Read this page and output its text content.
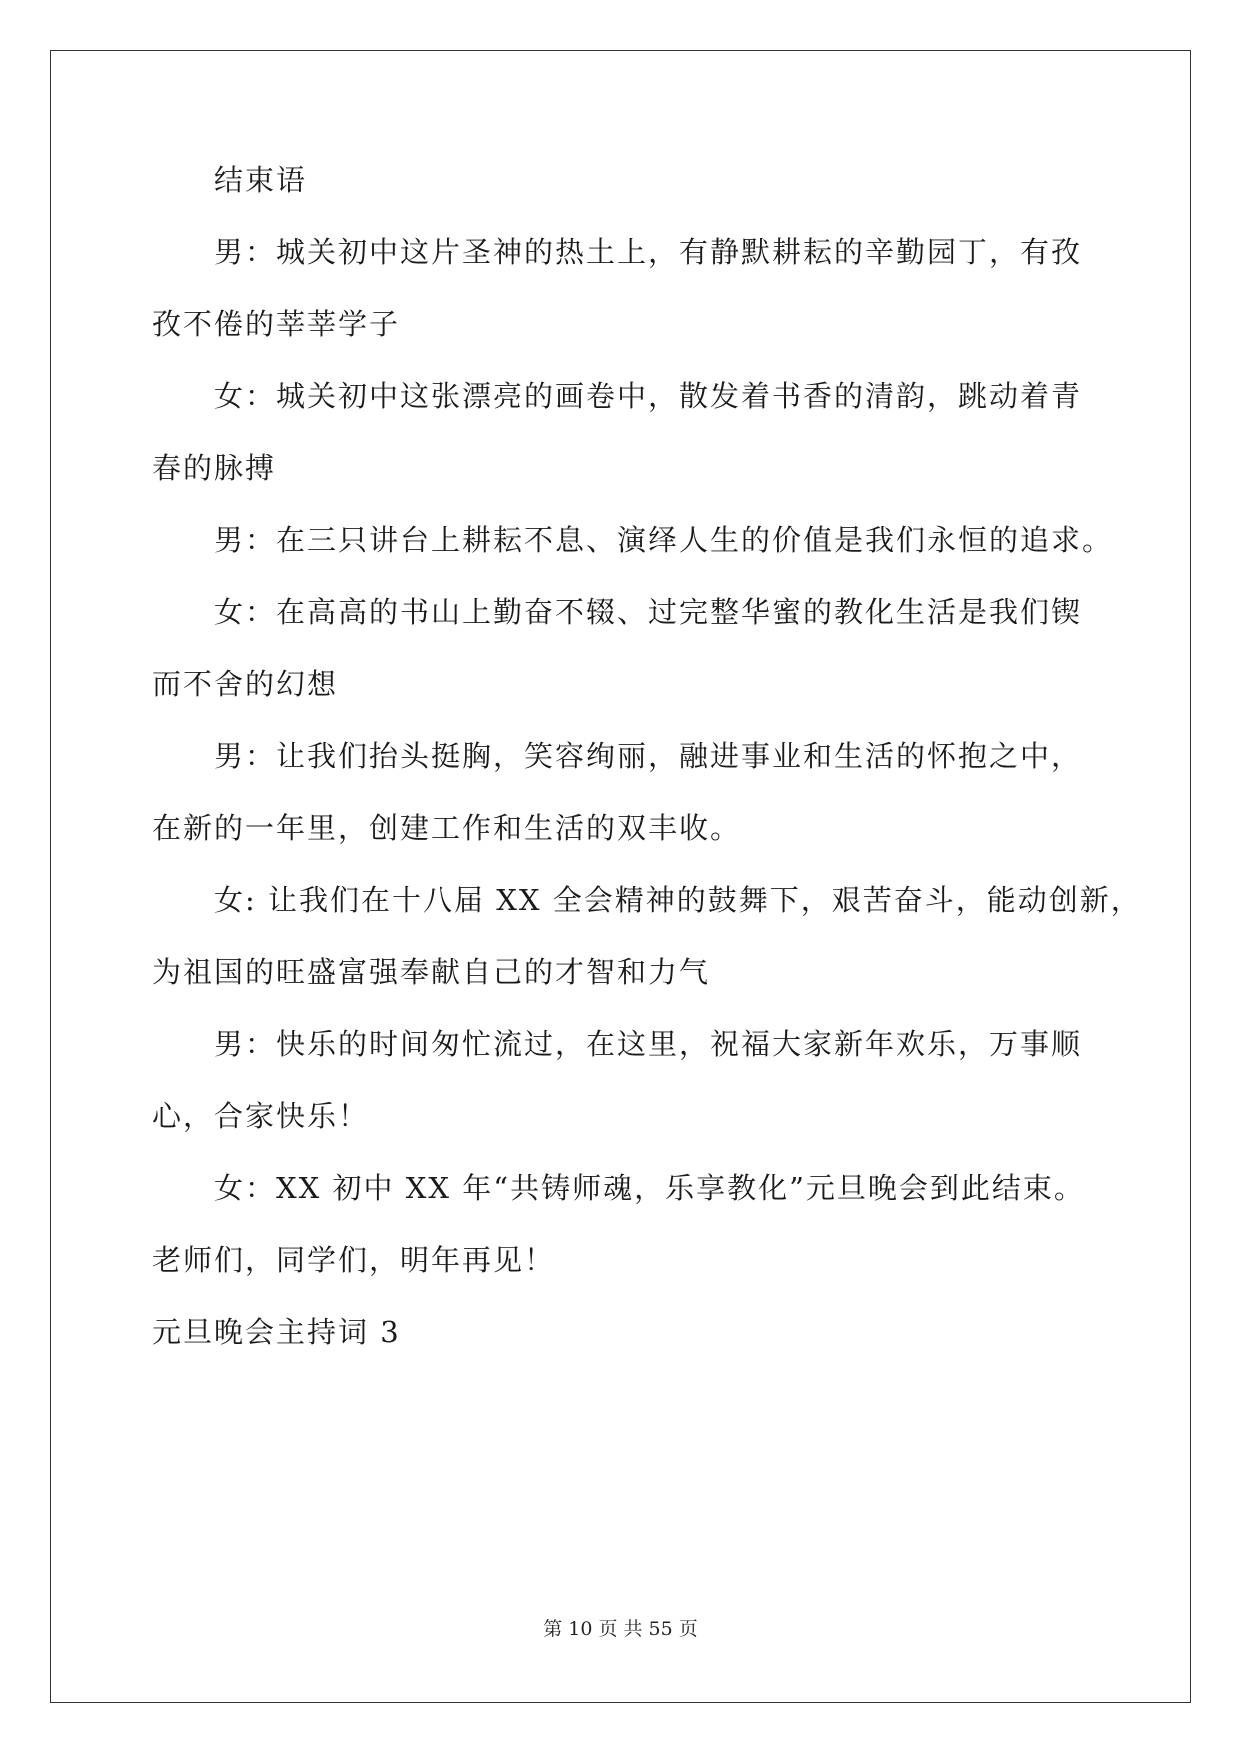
结束语

男：城关初中这片圣神的热土上，有静默耕耘的辛勤园丁，有孜

孜不倦的莘莘学子

女：城关初中这张漂亮的画卷中，散发着书香的清韵，跳动着青

春的脉搏

男：在三只讲台上耕耘不息、演绎人生的价值是我们永恒的追求。

女：在高高的书山上勤奋不辍、过完整华蜜的教化生活是我们锲

而不舍的幻想

男：让我们抬头挺胸，笑容绚丽，融进事业和生活的怀抱之中，

在新的一年里，创建工作和生活的双丰收。

女: 让我们在十八届 XX 全会精神的鼓舞下，艰苦奋斗，能动创新，

为祖国的旺盛富强奉献自己的才智和力气

男：快乐的时间匆忙流过，在这里，祝福大家新年欢乐，万事顺

心，合家快乐！

女：XX 初中 XX 年“共铸师魂，乐享教化”元旦晚会到此结束。

老师们，同学们，明年再见！

元旦晚会主持词 3

第 10 页 共 55 页
